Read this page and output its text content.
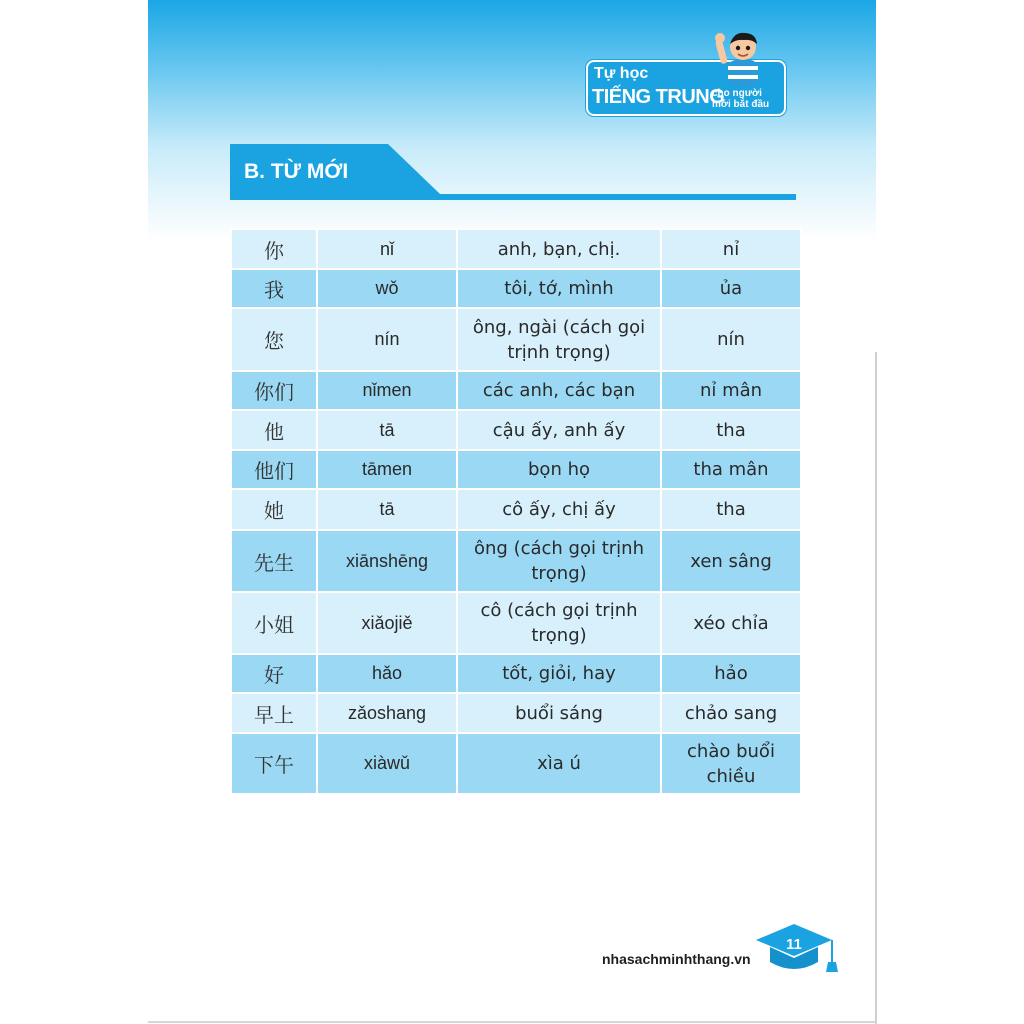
Tự học
TIẾNG TRUNG
cho người mới bắt đầu
B. TỪ MỚI
你	nǐ	anh, bạn, chị.	nỉ
我	wǒ	tôi, tớ, mình	ủa
您	nín	ông, ngài (cách gọi trịnh trọng)	nín
你们	nǐmen	các anh, các bạn	nỉ mân
他	tā	cậu ấy, anh ấy	tha
他们	tāmen	bọn họ	tha mân
她	tā	cô ấy, chị ấy	tha
先生	xiānshēng	ông (cách gọi trịnh trọng)	xen sâng
小姐	xiǎojiě	cô (cách gọi trịnh trọng)	xéo chỉa
好	hǎo	tốt, giỏi, hay	hảo
早上	zǎoshang	buổi sáng	chảo sang
下午	xiàwǔ	xìa ú	chào buổi chiều
nhasachminhthang.vn
11
